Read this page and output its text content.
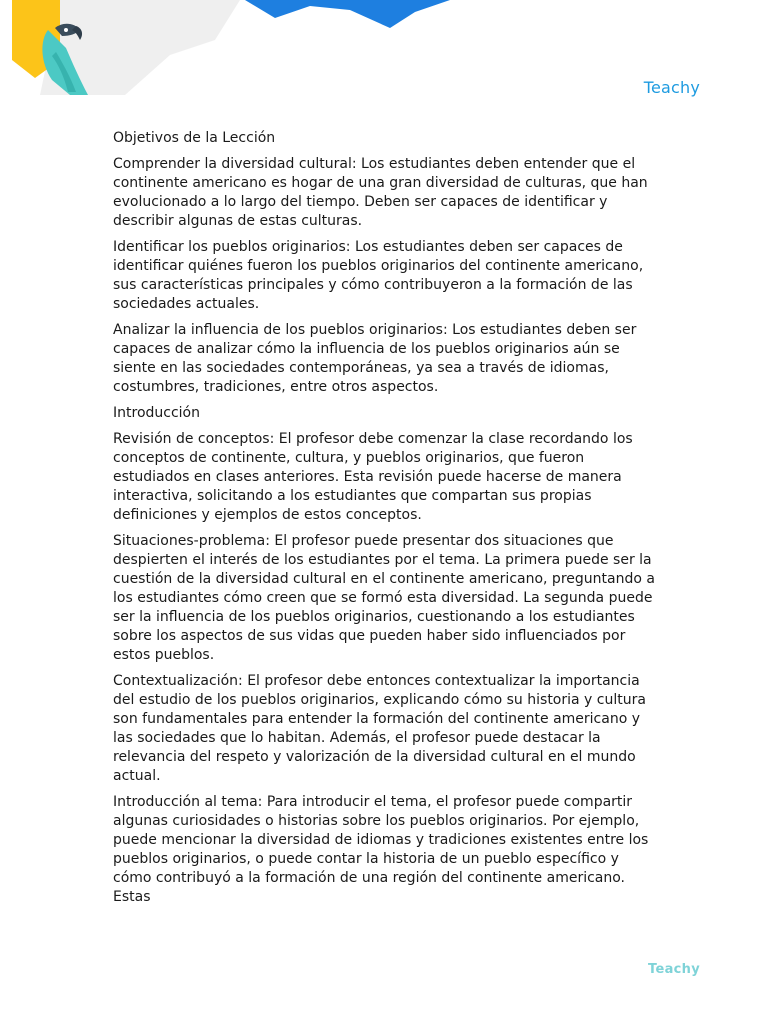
Teachy

Objetivos de la Lección

Comprender la diversidad cultural: Los estudiantes deben entender que el continente americano es hogar de una gran diversidad de culturas, que han evolucionado a lo largo del tiempo. Deben ser capaces de identificar y describir algunas de estas culturas.

Identificar los pueblos originarios: Los estudiantes deben ser capaces de identificar quiénes fueron los pueblos originarios del continente americano, sus características principales y cómo contribuyeron a la formación de las sociedades actuales.

Analizar la influencia de los pueblos originarios: Los estudiantes deben ser capaces de analizar cómo la influencia de los pueblos originarios aún se siente en las sociedades contemporáneas, ya sea a través de idiomas, costumbres, tradiciones, entre otros aspectos.

Introducción

Revisión de conceptos: El profesor debe comenzar la clase recordando los conceptos de continente, cultura, y pueblos originarios, que fueron estudiados en clases anteriores. Esta revisión puede hacerse de manera interactiva, solicitando a los estudiantes que compartan sus propias definiciones y ejemplos de estos conceptos.

Situaciones-problema: El profesor puede presentar dos situaciones que despierten el interés de los estudiantes por el tema. La primera puede ser la cuestión de la diversidad cultural en el continente americano, preguntando a los estudiantes cómo creen que se formó esta diversidad. La segunda puede ser la influencia de los pueblos originarios, cuestionando a los estudiantes sobre los aspectos de sus vidas que pueden haber sido influenciados por estos pueblos.

Contextualización: El profesor debe entonces contextualizar la importancia del estudio de los pueblos originarios, explicando cómo su historia y cultura son fundamentales para entender la formación del continente americano y las sociedades que lo habitan. Además, el profesor puede destacar la relevancia del respeto y valorización de la diversidad cultural en el mundo actual.

Introducción al tema: Para introducir el tema, el profesor puede compartir algunas curiosidades o historias sobre los pueblos originarios. Por ejemplo, puede mencionar la diversidad de idiomas y tradiciones existentes entre los pueblos originarios, o puede contar la historia de un pueblo específico y cómo contribuyó a la formación de una región del continente americano. Estas

Teachy
